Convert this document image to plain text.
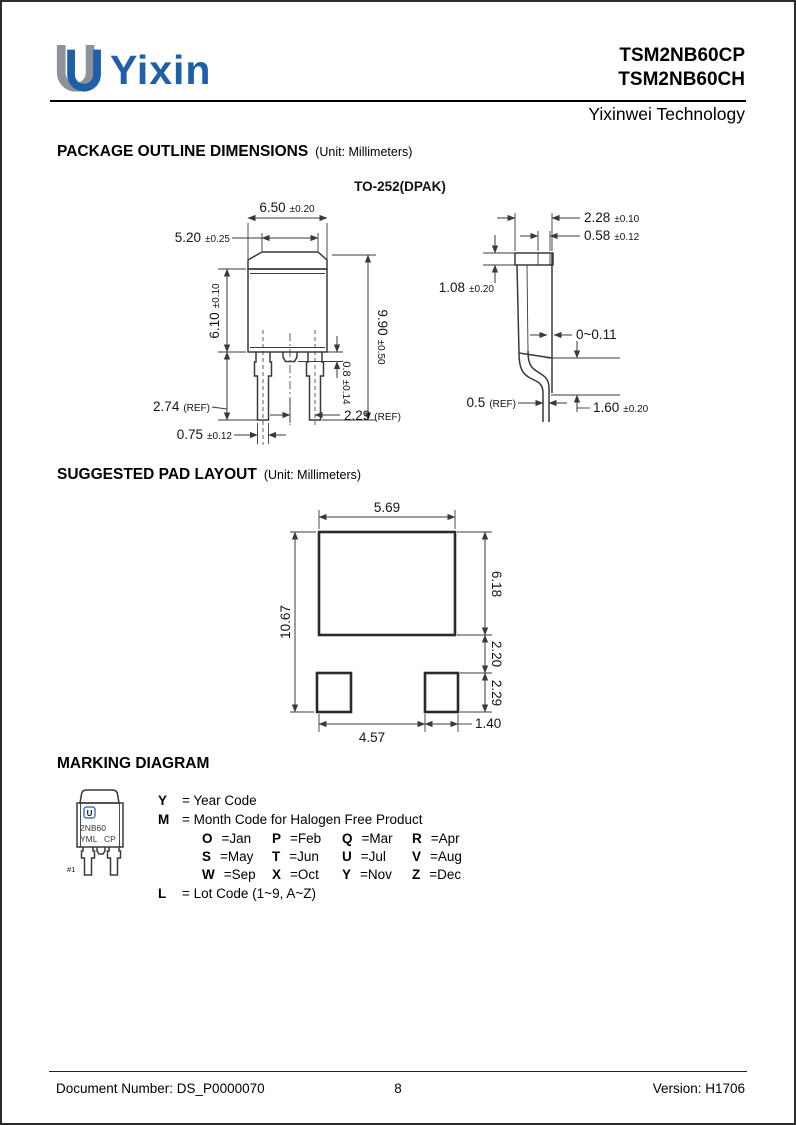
Yixin	TSM2NB60CP
TSM2NB60CH
Yixinwei Technology
PACKAGE OUTLINE DIMENSIONS (Unit: Millimeters)
TO-252(DPAK)
6.50 ±0.20
5.20 ±0.25
6.10±0.10
9.90±0.50
0.8±0.14
2.74 (REF)	2.29 (REF)
0.75 ±0.12
2.28 ±0.10
0.58 ±0.12
1.08 ±0.20
0~0.11
1.60 ±0.20
0.5 (REF)
SUGGESTED PAD LAYOUT (Unit: Millimeters)
5.69
10.67
6.18
2.20
2.29
4.57
1.40
MARKING DIAGRAM
U
2NB60
YML CP
#1
Y	= Year Code
M = Month Code for Halogen Free Product
O =Jan P =Feb Q =Mar R =Apr
S =May T =Jun U =Jul V =Aug
W =Sep X =Oct Y =Nov Z =Dec
L	= Lot Code (1~9, A~Z)
8
Document Number: DS_P0000070	Version: H1706
